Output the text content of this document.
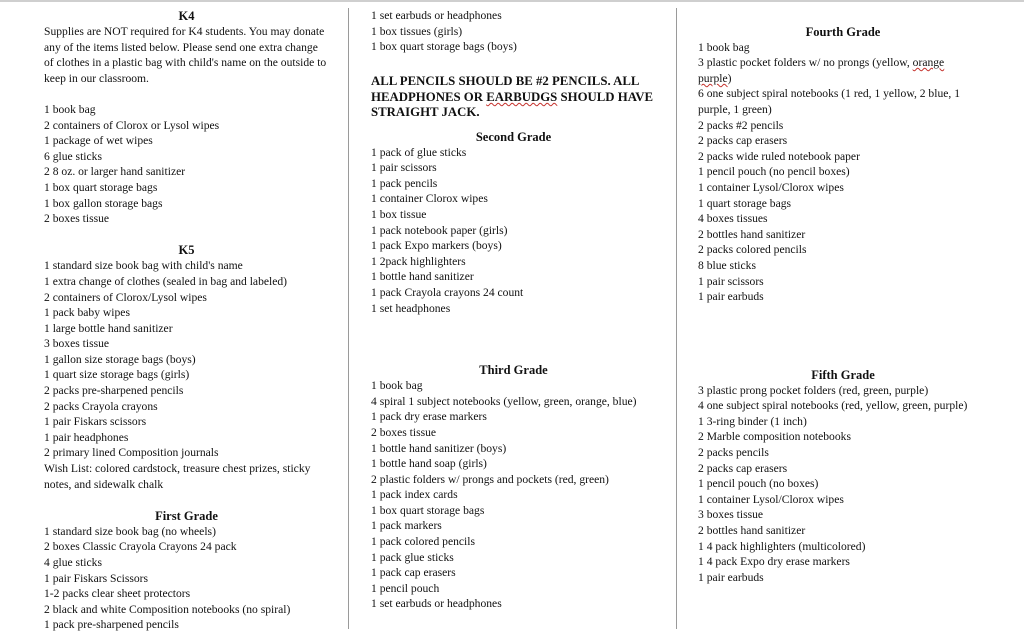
K4

Supplies are NOT required for K4 students. You may donate any of the items listed below. Please send one extra change of clothes in a plastic bag with child's name on the outside to keep in our classroom.

1 book bag

2 containers of Clorox or Lysol wipes

1 package of wet wipes

6 glue sticks

2 8 oz. or larger hand sanitizer

1 box quart storage bags

1 box gallon storage bags

2 boxes tissue

K5

1 standard size book bag with child's name

1 extra change of clothes (sealed in bag and labeled)

2 containers of Clorox/Lysol wipes

1 pack baby wipes

1 large bottle hand sanitizer

3 boxes tissue

1 gallon size storage bags (boys)

1 quart size storage bags (girls)

2 packs pre-sharpened pencils

2 packs Crayola crayons

1 pair Fiskars scissors

1 pair headphones

2 primary lined Composition journals

Wish List: colored cardstock, treasure chest prizes, sticky notes, and sidewalk chalk

First Grade

1 standard size book bag (no wheels)

2 boxes Classic Crayola Crayons 24 pack

4 glue sticks

1 pair Fiskars Scissors

1-2 packs clear sheet protectors

2 black and white Composition notebooks (no spiral)

1 pack pre-sharpened pencils

1 set earbuds or headphones

1 box tissues (girls)

1 box quart storage bags (boys)

ALL PENCILS SHOULD BE #2 PENCILS. ALL HEADPHONES OR EARBUDGS SHOULD HAVE STRAIGHT JACK.

Second Grade

1 pack of glue sticks

1 pair scissors

1 pack pencils

1 container Clorox wipes

1 box tissue

1 pack notebook paper (girls)

1 pack Expo markers (boys)

1 2pack highlighters

1 bottle hand sanitizer

1 pack Crayola crayons 24 count

1 set headphones

Third Grade

1 book bag

4 spiral 1 subject notebooks (yellow, green, orange, blue)

1 pack dry erase markers

2 boxes tissue

1 bottle hand sanitizer (boys)

1 bottle hand soap (girls)

2 plastic folders w/ prongs and pockets (red, green)

1 pack index cards

1 box quart storage bags

1 pack markers

1 pack colored pencils

1 pack glue sticks

1 pack cap erasers

1 pencil pouch

1 set earbuds or headphones

Fourth Grade

1 book bag

3 plastic pocket folders w/ no prongs (yellow, orange
purple)

6 one subject spiral notebooks (1 red, 1 yellow, 2 blue, 1 purple, 1 green)

2 packs #2 pencils

2 packs cap erasers

2 packs wide ruled notebook paper

1 pencil pouch (no pencil boxes)

1 container Lysol/Clorox wipes

1 quart storage bags

4 boxes tissues

2 bottles hand sanitizer

2 packs colored pencils

8 blue sticks

1 pair scissors

1 pair earbuds

Fifth Grade

3 plastic prong pocket folders (red, green, purple)

4 one subject spiral notebooks (red, yellow, green, purple)

1 3-ring binder (1 inch)

2 Marble composition notebooks

2 packs pencils

2 packs cap erasers

1 pencil pouch (no boxes)

1 container Lysol/Clorox wipes

3 boxes tissue

2 bottles hand sanitizer

1 4 pack highlighters (multicolored)

1 4 pack Expo dry erase markers

1 pair earbuds
